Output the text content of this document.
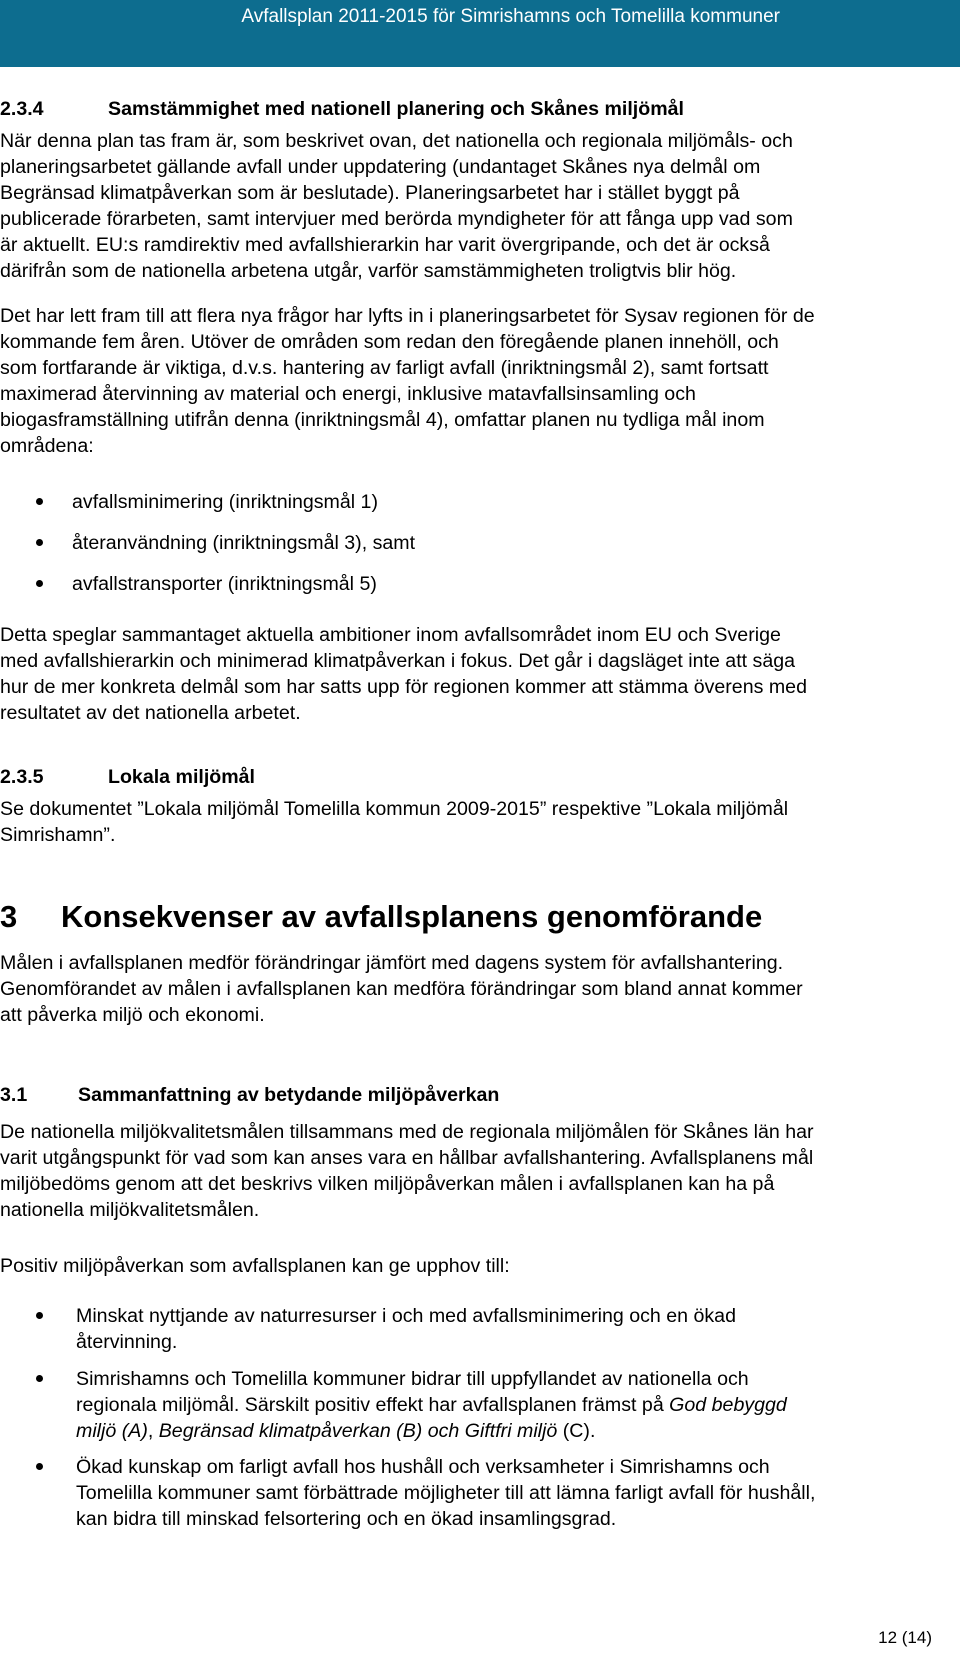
Avfallsplan 2011-2015 för Simrishamns och Tomelilla kommuner
2.3.4	Samstämmighet med nationell planering och Skånes miljömål
När denna plan tas fram är, som beskrivet ovan, det nationella och regionala miljömåls- och
planeringsarbetet gällande avfall under uppdatering (undantaget Skånes nya delmål om
Begränsad klimatpåverkan som är beslutade). Planeringsarbetet har i stället byggt på
publicerade förarbeten, samt intervjuer med berörda myndigheter för att fånga upp vad som
är aktuellt. EU:s ramdirektiv med avfallshierarkin har varit övergripande, och det är också
därifrån som de nationella arbetena utgår, varför samstämmigheten troligtvis blir hög.
Det har lett fram till att flera nya frågor har lyfts in i planeringsarbetet för Sysav regionen för de
kommande fem åren. Utöver de områden som redan den föregående planen innehöll, och
som fortfarande är viktiga, d.v.s. hantering av farligt avfall (inriktningsmål 2), samt fortsatt
maximerad återvinning av material och energi, inklusive matavfallsinsamling och
biogasframställning utifrån denna (inriktningsmål 4), omfattar planen nu tydliga mål inom
områdena:
avfallsminimering (inriktningsmål 1)
återanvändning (inriktningsmål 3), samt
avfallstransporter (inriktningsmål 5)
Detta speglar sammantaget aktuella ambitioner inom avfallsområdet inom EU och Sverige
med avfallshierarkin och minimerad klimatpåverkan i fokus. Det går i dagsläget inte att säga
hur de mer konkreta delmål som har satts upp för regionen kommer att stämma överens med
resultatet av det nationella arbetet.
2.3.5	Lokala miljömål
Se dokumentet ”Lokala miljömål Tomelilla kommun 2009-2015” respektive ”Lokala miljömål
Simrishamn”.
3 Konsekvenser av avfallsplanens genomförande
Målen i avfallsplanen medför förändringar jämfört med dagens system för avfallshantering.
Genomförandet av målen i avfallsplanen kan medföra förändringar som bland annat kommer
att påverka miljö och ekonomi.
3.1	Sammanfattning av betydande miljöpåverkan
De nationella miljökvalitetsmålen tillsammans med de regionala miljömålen för Skånes län har
varit utgångspunkt för vad som kan anses vara en hållbar avfallshantering. Avfallsplanens mål
miljöbedöms genom att det beskrivs vilken miljöpåverkan målen i avfallsplanen kan ha på
nationella miljökvalitetsmålen.
Positiv miljöpåverkan som avfallsplanen kan ge upphov till:
Minskat nyttjande av naturresurser i och med avfallsminimering och en ökad
återvinning.
Simrishamns och Tomelilla kommuner bidrar till uppfyllandet av nationella och
regionala miljömål. Särskilt positiv effekt har avfallsplanen främst på God bebyggd
miljö (A), Begränsad klimatpåverkan (B) och Giftfri miljö (C).
Ökad kunskap om farligt avfall hos hushåll och verksamheter i Simrishamns och
Tomelilla kommuner samt förbättrade möjligheter till att lämna farligt avfall för hushåll,
kan bidra till minskad felsortering och en ökad insamlingsgrad.
12 (14)
